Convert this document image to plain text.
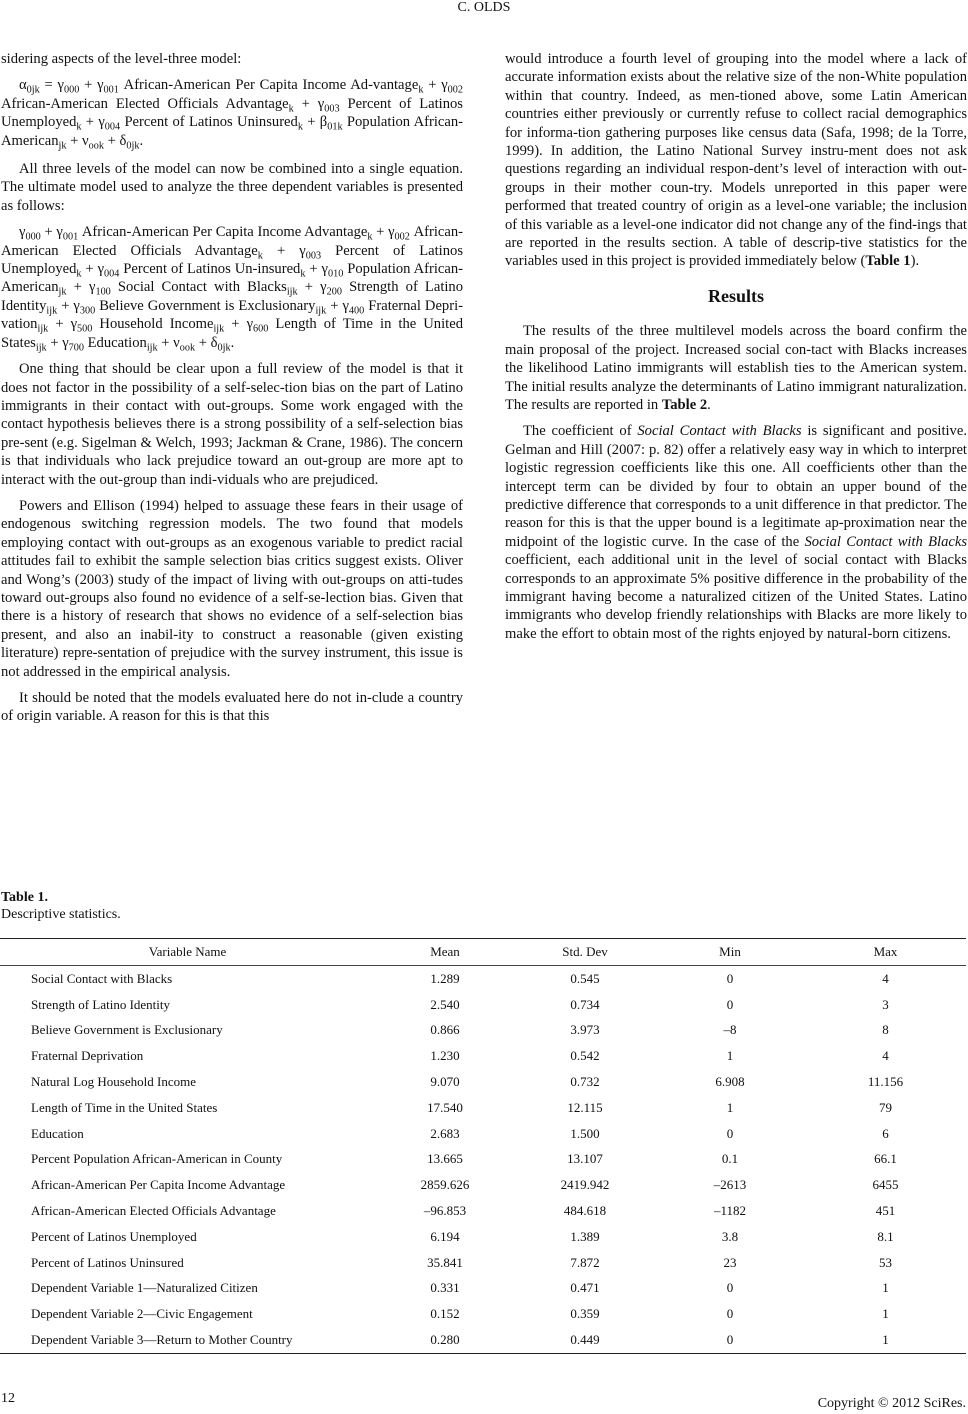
C. OLDS

sidering aspects of the level-three model:

$\alpha_{0jk} = \gamma_{000} + \gamma_{001}$ African-American Per Capita Income Ad-vantage$_k$ + $\gamma_{002}$ African-American Elected Officials Advantage$_k$ + $\gamma_{003}$ Percent of Latinos Unemployed$_k$ + $\gamma_{004}$ Percent of Latinos Uninsured$_k$ + $\beta_{01k}$ Population African-American$_{jk}$ + $\nu_{ook} + \delta_{0jk}$.

All three levels of the model can now be combined into a single equation. The ultimate model used to analyze the three dependent variables is presented as follows:

$\gamma_{000} + \gamma_{001}$ African-American Per Capita Income Advantage$_k$ + $\gamma_{002}$ African-American Elected Officials Advantage$_k$ + $\gamma_{003}$ Percent of Latinos Unemployed$_k$ + $\gamma_{004}$ Percent of Latinos Un-insured$_k$ + $\gamma_{010}$ Population African-American$_{jk}$ + $\gamma_{100}$ Social Contact with Blacks$_{ijk}$ + $\gamma_{200}$ Strength of Latino Identity$_{ijk}$ + $\gamma_{300}$ Believe Government is Exclusionary$_{ijk}$ + $\gamma_{400}$ Fraternal Depri-vation$_{ijk}$ + $\gamma_{500}$ Household Income$_{ijk}$ + $\gamma_{600}$ Length of Time in the United States$_{ijk}$ + $\gamma_{700}$ Education$_{ijk}$ + $\nu_{ook} + \delta_{0jk}$.

One thing that should be clear upon a full review of the model is that it does not factor in the possibility of a self-selec-tion bias on the part of Latino immigrants in their contact with out-groups. Some work engaged with the contact hypothesis believes there is a strong possibility of a self-selection bias pre-sent (e.g. Sigelman & Welch, 1993; Jackman & Crane, 1986). The concern is that individuals who lack prejudice toward an out-group are more apt to interact with the out-group than indi-viduals who are prejudiced.

Powers and Ellison (1994) helped to assuage these fears in their usage of endogenous switching regression models. The two found that models employing contact with out-groups as an exogenous variable to predict racial attitudes fail to exhibit the sample selection bias critics suggest exists. Oliver and Wong’s (2003) study of the impact of living with out-groups on atti-tudes toward out-groups also found no evidence of a self-se-lection bias. Given that there is a history of research that shows no evidence of a self-selection bias present, and also an inabil-ity to construct a reasonable (given existing literature) repre-sentation of prejudice with the survey instrument, this issue is not addressed in the empirical analysis.

It should be noted that the models evaluated here do not in-clude a country of origin variable. A reason for this is that this

would introduce a fourth level of grouping into the model where a lack of accurate information exists about the relative size of the non-White population within that country. Indeed, as men-tioned above, some Latin American countries either previously or currently refuse to collect racial demographics for informa-tion gathering purposes like census data (Safa, 1998; de la Torre, 1999). In addition, the Latino National Survey instru-ment does not ask questions regarding an individual respon-dent’s level of interaction with out-groups in their mother coun-try. Models unreported in this paper were performed that treated country of origin as a level-one variable; the inclusion of this variable as a level-one indicator did not change any of the find-ings that are reported in the results section. A table of descrip-tive statistics for the variables used in this project is provided immediately below (Table 1).

Results

The results of the three multilevel models across the board confirm the main proposal of the project. Increased social con-tact with Blacks increases the likelihood Latino immigrants will establish ties to the American system. The initial results analyze the determinants of Latino immigrant naturalization. The results are reported in Table 2.

The coefficient of Social Contact with Blacks is significant and positive. Gelman and Hill (2007: p. 82) offer a relatively easy way in which to interpret logistic regression coefficients like this one. All coefficients other than the intercept term can be divided by four to obtain an upper bound of the predictive difference that corresponds to a unit difference in that predictor. The reason for this is that the upper bound is a legitimate ap-proximation near the midpoint of the logistic curve. In the case of the Social Contact with Blacks coefficient, each additional unit in the level of social contact with Blacks corresponds to an approximate 5% positive difference in the probability of the immigrant having become a naturalized citizen of the United States. Latino immigrants who develop friendly relationships with Blacks are more likely to make the effort to obtain most of the rights enjoyed by natural-born citizens.

Table 1.
Descriptive statistics.
Variable Name	Mean	Std. Dev	Min	Max
Social Contact with Blacks	1.289	0.545	0	4
Strength of Latino Identity	2.540	0.734	0	3
Believe Government is Exclusionary	0.866	3.973	–8	8
Fraternal Deprivation	1.230	0.542	1	4
Natural Log Household Income	9.070	0.732	6.908	11.156
Length of Time in the United States	17.540	12.115	1	79
Education	2.683	1.500	0	6
Percent Population African-American in County	13.665	13.107	0.1	66.1
African-American Per Capita Income Advantage	2859.626	2419.942	–2613	6455
African-American Elected Officials Advantage	–96.853	484.618	–1182	451
Percent of Latinos Unemployed	6.194	1.389	3.8	8.1
Percent of Latinos Uninsured	35.841	7.872	23	53
Dependent Variable 1—Naturalized Citizen	0.331	0.471	0	1
Dependent Variable 2—Civic Engagement	0.152	0.359	0	1
Dependent Variable 3—Return to Mother Country	0.280	0.449	0	1
12	Copyright © 2012 SciRes.
